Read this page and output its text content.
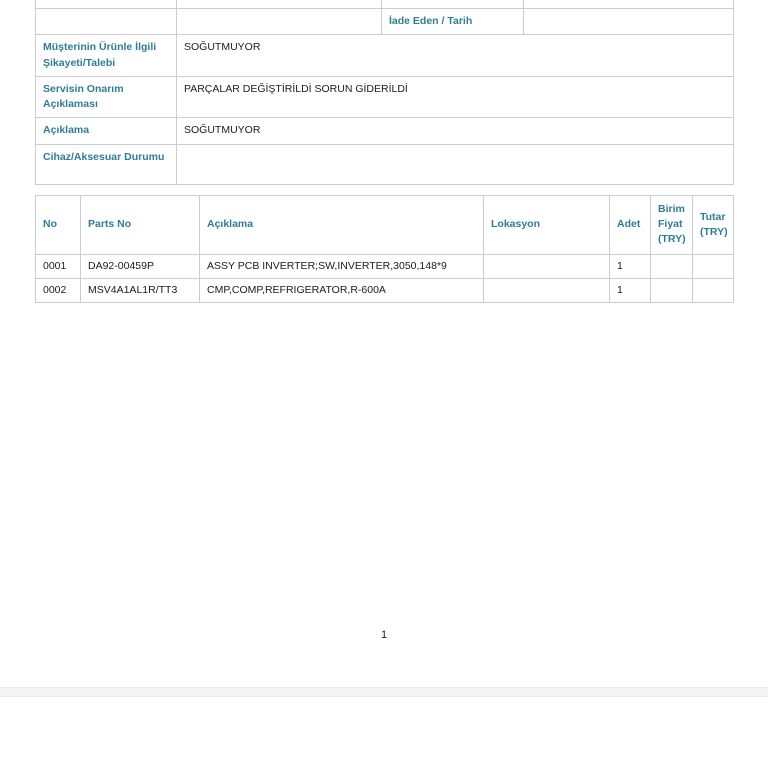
		İade Eden / Tarih	
Müşterinin Ürünle İlgili Şikayeti/Talebi	SOĞUTMUYOR		
Servisin Onarım Açıklaması	PARÇALAR DEĞİŞTİRİLDİ SORUN GİDERİLDİ		
Açıklama	SOĞUTMUYOR		
Cihaz/Aksesuar Durumu			
No	Parts No	Açıklama	Lokasyon	Adet	Birim Fiyat (TRY)	Tutar (TRY)
0001	DA92-00459P	ASSY PCB INVERTER;SW,INVERTER,3050,148*9		1		
0002	MSV4A1AL1R/TT3	CMP,COMP,REFRIGERATOR,R-600A		1		
1
